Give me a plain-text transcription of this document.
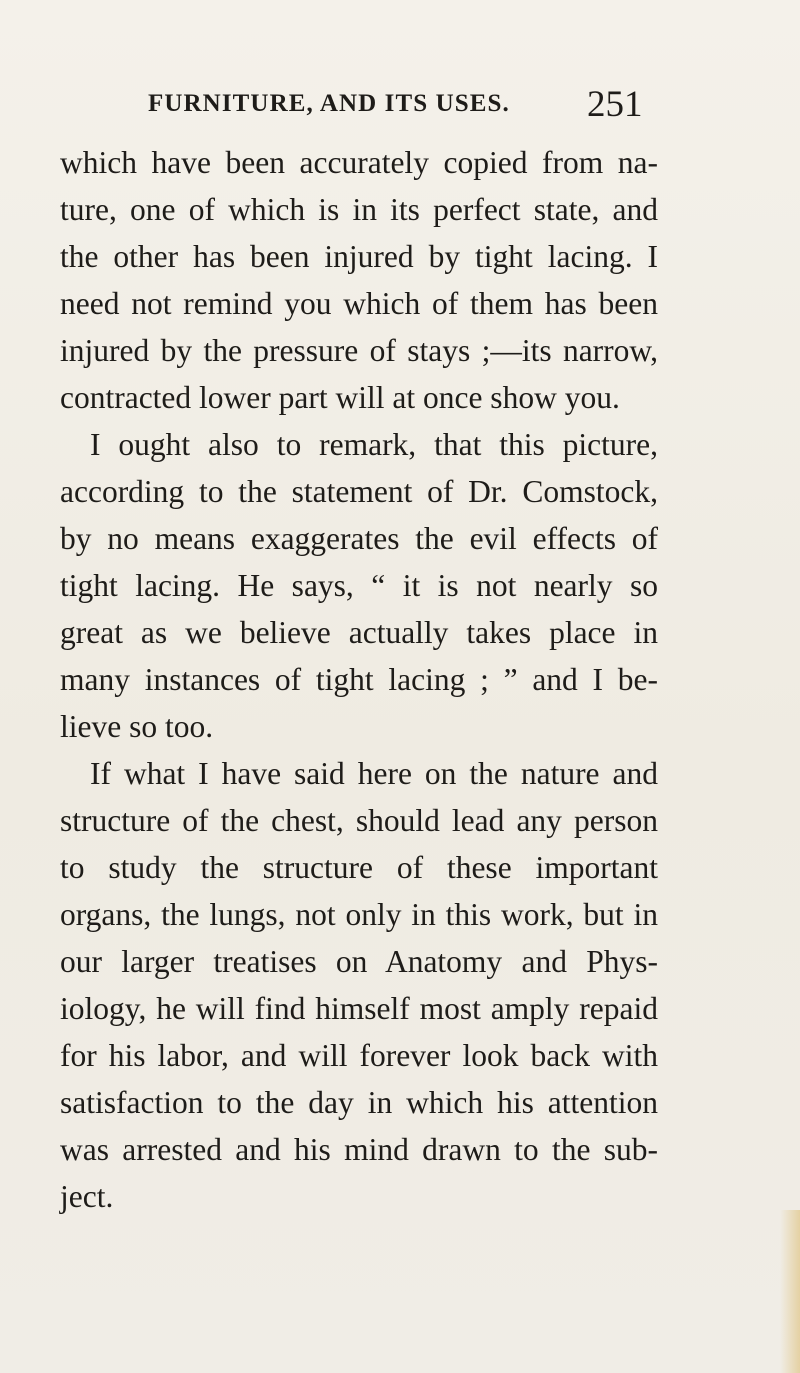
FURNITURE, AND ITS USES. 251
which have been accurately copied from na-
ture, one of which is in its perfect state, and
the other has been injured by tight lacing. I
need not remind you which of them has been
injured by the pressure of stays ;—its narrow,
contracted lower part will at once show you.
I ought also to remark, that this picture,
according to the statement of Dr. Comstock,
by no means exaggerates the evil effects of
tight lacing. He says, “ it is not nearly so
great as we believe actually takes place in
many instances of tight lacing ; ” and I be-
lieve so too.
If what I have said here on the nature and
structure of the chest, should lead any person
to study the structure of these important
organs, the lungs, not only in this work, but in
our larger treatises on Anatomy and Phys-
iology, he will find himself most amply repaid
for his labor, and will forever look back with
satisfaction to the day in which his attention
was arrested and his mind drawn to the sub-
ject.
